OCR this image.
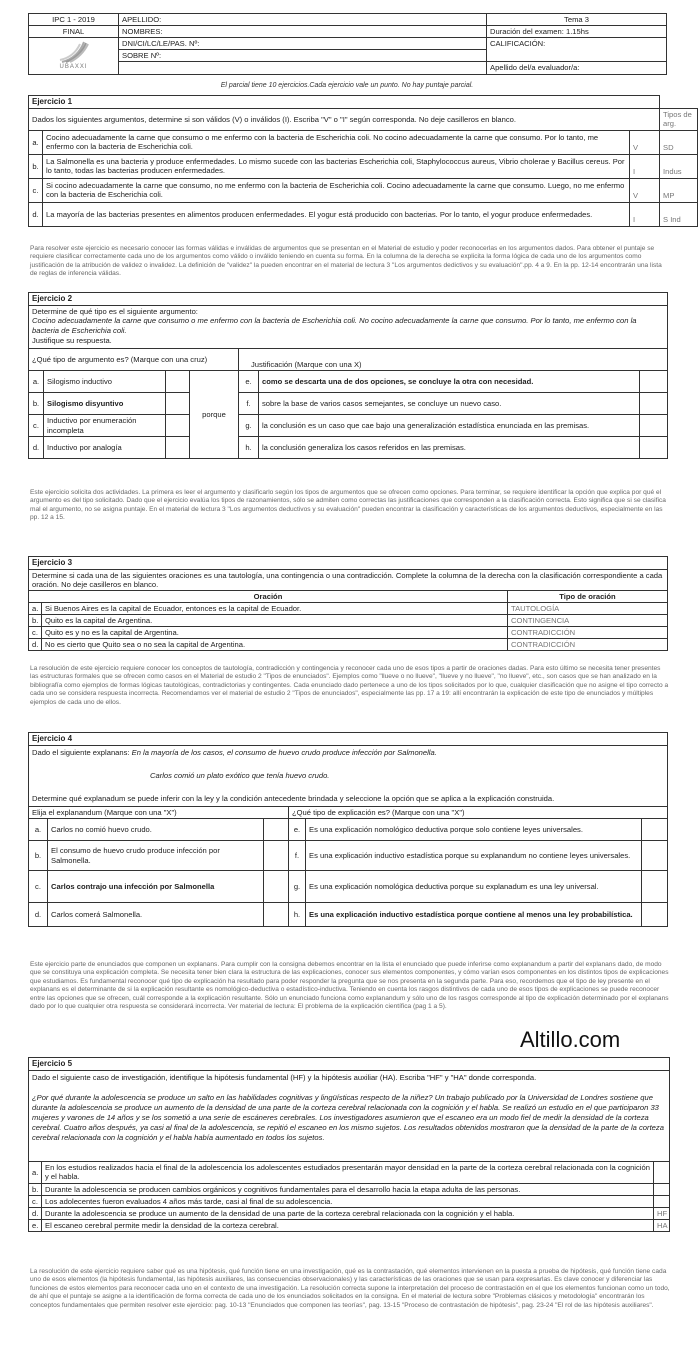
IPC 1 - 2019	APELLIDO:	Tema 3
FINAL	NOMBRES:	Duración del examen: 1.15hs

UBAXXI	DNI/CI/LC/LE/PAS. Nº:	CALIFICACIÓN:
	SOBRE Nº:	
		Apellido del/a evaluador/a:
El parcial tiene 10 ejercicios.Cada ejercicio vale un punto. No hay puntaje parcial.
Ejercicio 1			
Dados los siguientes argumentos, determine si son válidos (V) o inválidos (I). Escriba "V" o "I" según corresponda. No deje casilleros en blanco.			Tipos de arg.
a.	Cocino adecuadamente la carne que consumo o me enfermo con la bacteria de Escherichia coli. No cocino adecuadamente la carne que consumo. Por lo tanto, me enfermo con la bacteria de Escherichia coli.	V	SD
b.	La Salmonella es una bacteria y produce enfermedades. Lo mismo sucede con las bacterias Escherichia coli, Staphylococcus aureus, Vibrio cholerae y Bacillus cereus. Por lo tanto, todas las bacterias producen enfermedades.	I	Indus
c.	Si cocino adecuadamente la carne que consumo, no me enfermo con la bacteria de Escherichia coli. Cocino adecuadamente la carne que consumo. Luego, no me enfermo con la bacteria de Escherichia coli.	V	MP
d.	La mayoría de las bacterias presentes en alimentos producen enfermedades. El yogur está producido con bacterias. Por lo tanto, el yogur produce enfermedades.	I	S Ind
Para resolver este ejercicio es necesario conocer las formas válidas e inválidas de argumentos que se presentan en el Material de estudio y poder reconocerlas en los argumentos dados. Para obtener el puntaje se requiere clasificar correctamente cada uno de los argumentos como válido o inválido teniendo en cuenta su forma. En la columna de la derecha se explicita la forma lógica de cada uno de los argumentos como justificación de la atribución de validez o invalidez. La definición de "validez" la pueden encontrar en el material de lectura 3 "Los argumentos dedictivos y su evaluación".pp. 4 a 9. En la pp. 12-14 encontrarán una lista de reglas de inferencia válidas.
Ejercicio 2						

Determine de qué tipo es el siguiente argumento:
Cocino adecuadamente la carne que consumo o me enfermo con la bacteria de Escherichia coli. No cocino adecuadamente la carne que consumo. Por lo tanto, me enfermo con la bacteria de Escherichia coli.
Justifique su respuesta.						

¿Qué tipo de argumento es? (Marque con una cruz)				Justificación (Marque con una X)		
a.	Silogismo inductivo		porque	e.	como se descarta una de dos opciones, se concluye la otra con necesidad.	
b.	Silogismo disyuntivo			f.	sobre la base de varios casos semejantes, se concluye un nuevo caso.	
c.	Inductivo por enumeración incompleta			g.	la conclusión es un caso que cae bajo una generalización estadística enunciada en las premisas.	
d.	Inductivo por analogía			h.	la conclusión generaliza los casos referidos en las premisas.	
Este ejercicio solicita dos actividades. La primera es leer el argumento y clasificarlo según los tipos de argumentos que se ofrecen como opciones. Para terminar, se requiere identificar la opción que explica por qué el argumento es del tipo solicitado. Dado que el ejercicio evalúa los tipos de razonamientos, sólo se admiten como correctas las justificaciones que corresponden a la clasificación correcta. Esto significa que si se clasifica mal el argumento, no se asigna puntaje. En el material de lectura 3 "Los argumentos deductivos y su evaluación" pueden encontrar la clasificación y características de los argumentos deductivos, especialmente en las pp. 12 a 15.
Ejercicio 3		
Determine si cada una de las siguientes oraciones es una tautología, una contingencia o una contradicción. Complete la columna de la derecha con la clasificación correspondiente a cada oración. No deje casilleros en blanco.		
Oración		Tipo de oración
a.	Si Buenos Aires es la capital de Ecuador, entonces es la capital de Ecuador.	TAUTOLOGÍA
b.	Quito es la capital de Argentina.	CONTINGENCIA
c.	Quito es y no es la capital de Argentina.	CONTRADICCIÓN
d.	No es cierto que Quito sea o no sea la capital de Argentina.	CONTRADICCIÓN
La resolución de este ejercicio requiere conocer los conceptos de tautología, contradicción y contingencia y reconocer cada uno de esos tipos a partir de oraciones dadas. Para esto último se necesita tener presentes las estructuras formales que se ofrecen como casos en el Material de estudio 2 "Tipos de enunciados". Ejemplos como "llueve o no llueve", "llueve y no llueve", "no llueve", etc., son casos que se han analizado en la bibliografía como ejemplos de formas lógicas tautológicas, contradictorias y contingentes. Cada enunciado dado pertenece a uno de los tipos solicitados por lo que, cualquier clasificación que no asigne el tipo correcto a cada uno se considera respuesta incorrecta. Recomendamos ver el material de estudio 2 "Tipos de enunciados", especialmente las pp. 17 a 19: allí encontrarán la explicación de este tipo de enunciados y múltiples ejemplos de cada uno de ellos.
Ejercicio 4					

Dado el siguiente explanans: En la mayoría de los casos, el consumo de huevo crudo produce infección por Salmonella.
Carlos comió un plato exótico que tenía huevo crudo.
Determine qué explanadum se puede inferir con la ley y la condición antecedente brindada y seleccione la opción que se aplica a la explicación construida.					

Elija el explanandum (Marque con una "X")			¿Qué tipo de explicación es? (Marque con una "X")		
a.	Carlos no comió huevo crudo.		e.	Es una explicación nomológico deductiva porque solo contiene leyes universales.	
b.	El consumo de huevo crudo produce infección por Salmonella.		f.	Es una explicación inductivo estadística porque su explanandum no contiene leyes universales.	
c.	Carlos contrajo una infección por Salmonella		g.	Es una explicación nomológica deductiva porque su explanadum es una ley universal.	
d.	Carlos comerá Salmonella.		h.	Es una explicación inductivo estadística porque contiene al menos una ley probabilística.	
Este ejercicio parte de enunciados que componen un explanans. Para cumplir con la consigna debemos encontrar en la lista el enunciado que puede inferirse como explanandum a partir del explanans dado, de modo que se constituya una explicación completa. Se necesita tener bien clara la estructura de las explicaciones, conocer sus elementos componentes, y cómo varían esos componentes en los distintos tipos de explicaciones que estudiamos. Es fundamental reconocer qué tipo de explicación ha resultado para poder responder la pregunta que se nos presenta en la segunda parte. Para eso, recordemos que el tipo de ley presente en el explanans es el determinante de si la explicación resultante es nomológico-deductiva o estadístico-inductiva. Teniendo en cuenta los rasgos distintivos de cada uno de esos tipos de explicaciones se puede reconocer entre las opciones que se ofrecen, cuál corresponde a la explicación resultante. Sólo un enunciado funciona como explanandum y sólo uno de los rasgos corresponde al tipo de explicación determinado por el explanans dado por lo que cualquier otra respuesta se considerará incorrecta. Ver material de lectura: El problema de la explicación científica (pag 1 a 5).
Altillo.com
Ejercicio 5		

Dado el siguiente caso de investigación, identifique la hipótesis fundamental (HF) y la hipótesis auxiliar (HA). Escriba "HF" y "HA" donde corresponda.
¿Por qué durante la adolescencia se produce un salto en las habilidades cognitivas y lingüísticas respecto de la niñez? Un trabajo publicado por la Universidad de Londres sostiene que durante la adolescencia se produce un aumento de la densidad de una parte de la corteza cerebral relacionada con la cognición y el habla. Se realizó un estudio en el que participaron 33 mujeres y varones de 14 años y se los sometió a una serie de escáneres cerebrales. Los investigadores asumieron que el escaneo era un modo fiel de medir la densidad de la corteza cerebral. Cuatro años después, ya casi al final de la adolescencia, se repitió el escaneo en los mismo sujetos. Los resultados obtenidos mostraron que la densidad de la parte de la corteza cerebral relacionada con la cognición y el habla había aumentado en todos los sujetos.		

a.	En los estudios realizados hacia el final de la adolescencia los adolescentes estudiados presentarán mayor densidad en la parte de la corteza cerebral relacionada con la cognición y el habla.	
b.	Durante la adolescencia se producen cambios orgánicos y cognitivos fundamentales para el desarrollo hacia la etapa adulta de las personas.	
c.	Los adolecentes fueron evaluados 4 años más tarde, casi al final de su adolescencia.	
d.	Durante la adolescencia se produce un aumento de la densidad de una parte de la corteza cerebral relacionada con la cognición y el habla.	HF
e.	El escaneo cerebral permite medir la densidad de la corteza cerebral.	HA
La resolución de este ejercicio requiere saber qué es una hipótesis, qué función tiene en una investigación, qué es la contrastación, qué elementos intervienen en la puesta a prueba de hipótesis, qué función tiene cada uno de esos elementos (la hipótesis fundamental, las hipótesis auxiliares, las consecuencias observacionales) y las características de las oraciones que se usan para expresarlas. Es clave conocer y diferenciar las funciones de estos elementos para reconocer cada uno en el contexto de una investigación. La resolución correcta supone la interpretación del proceso de contrastación en el que los elementos funcionan como un todo, de ahí que el puntaje se asigne a la identificación de forma correcta de cada uno de los enunciados solicitados en la consigna. En el material de lectura sobre "Problemas clásicos y metodología" encontrarán los conceptos fundamentales que permiten resolver este ejercicio: pag. 10-13 "Enunciados que componen las teorías", pag. 13-15 "Proceso de contrastación de hipótesis", pag. 23-24 "El rol de las hipótesis auxiliares".
